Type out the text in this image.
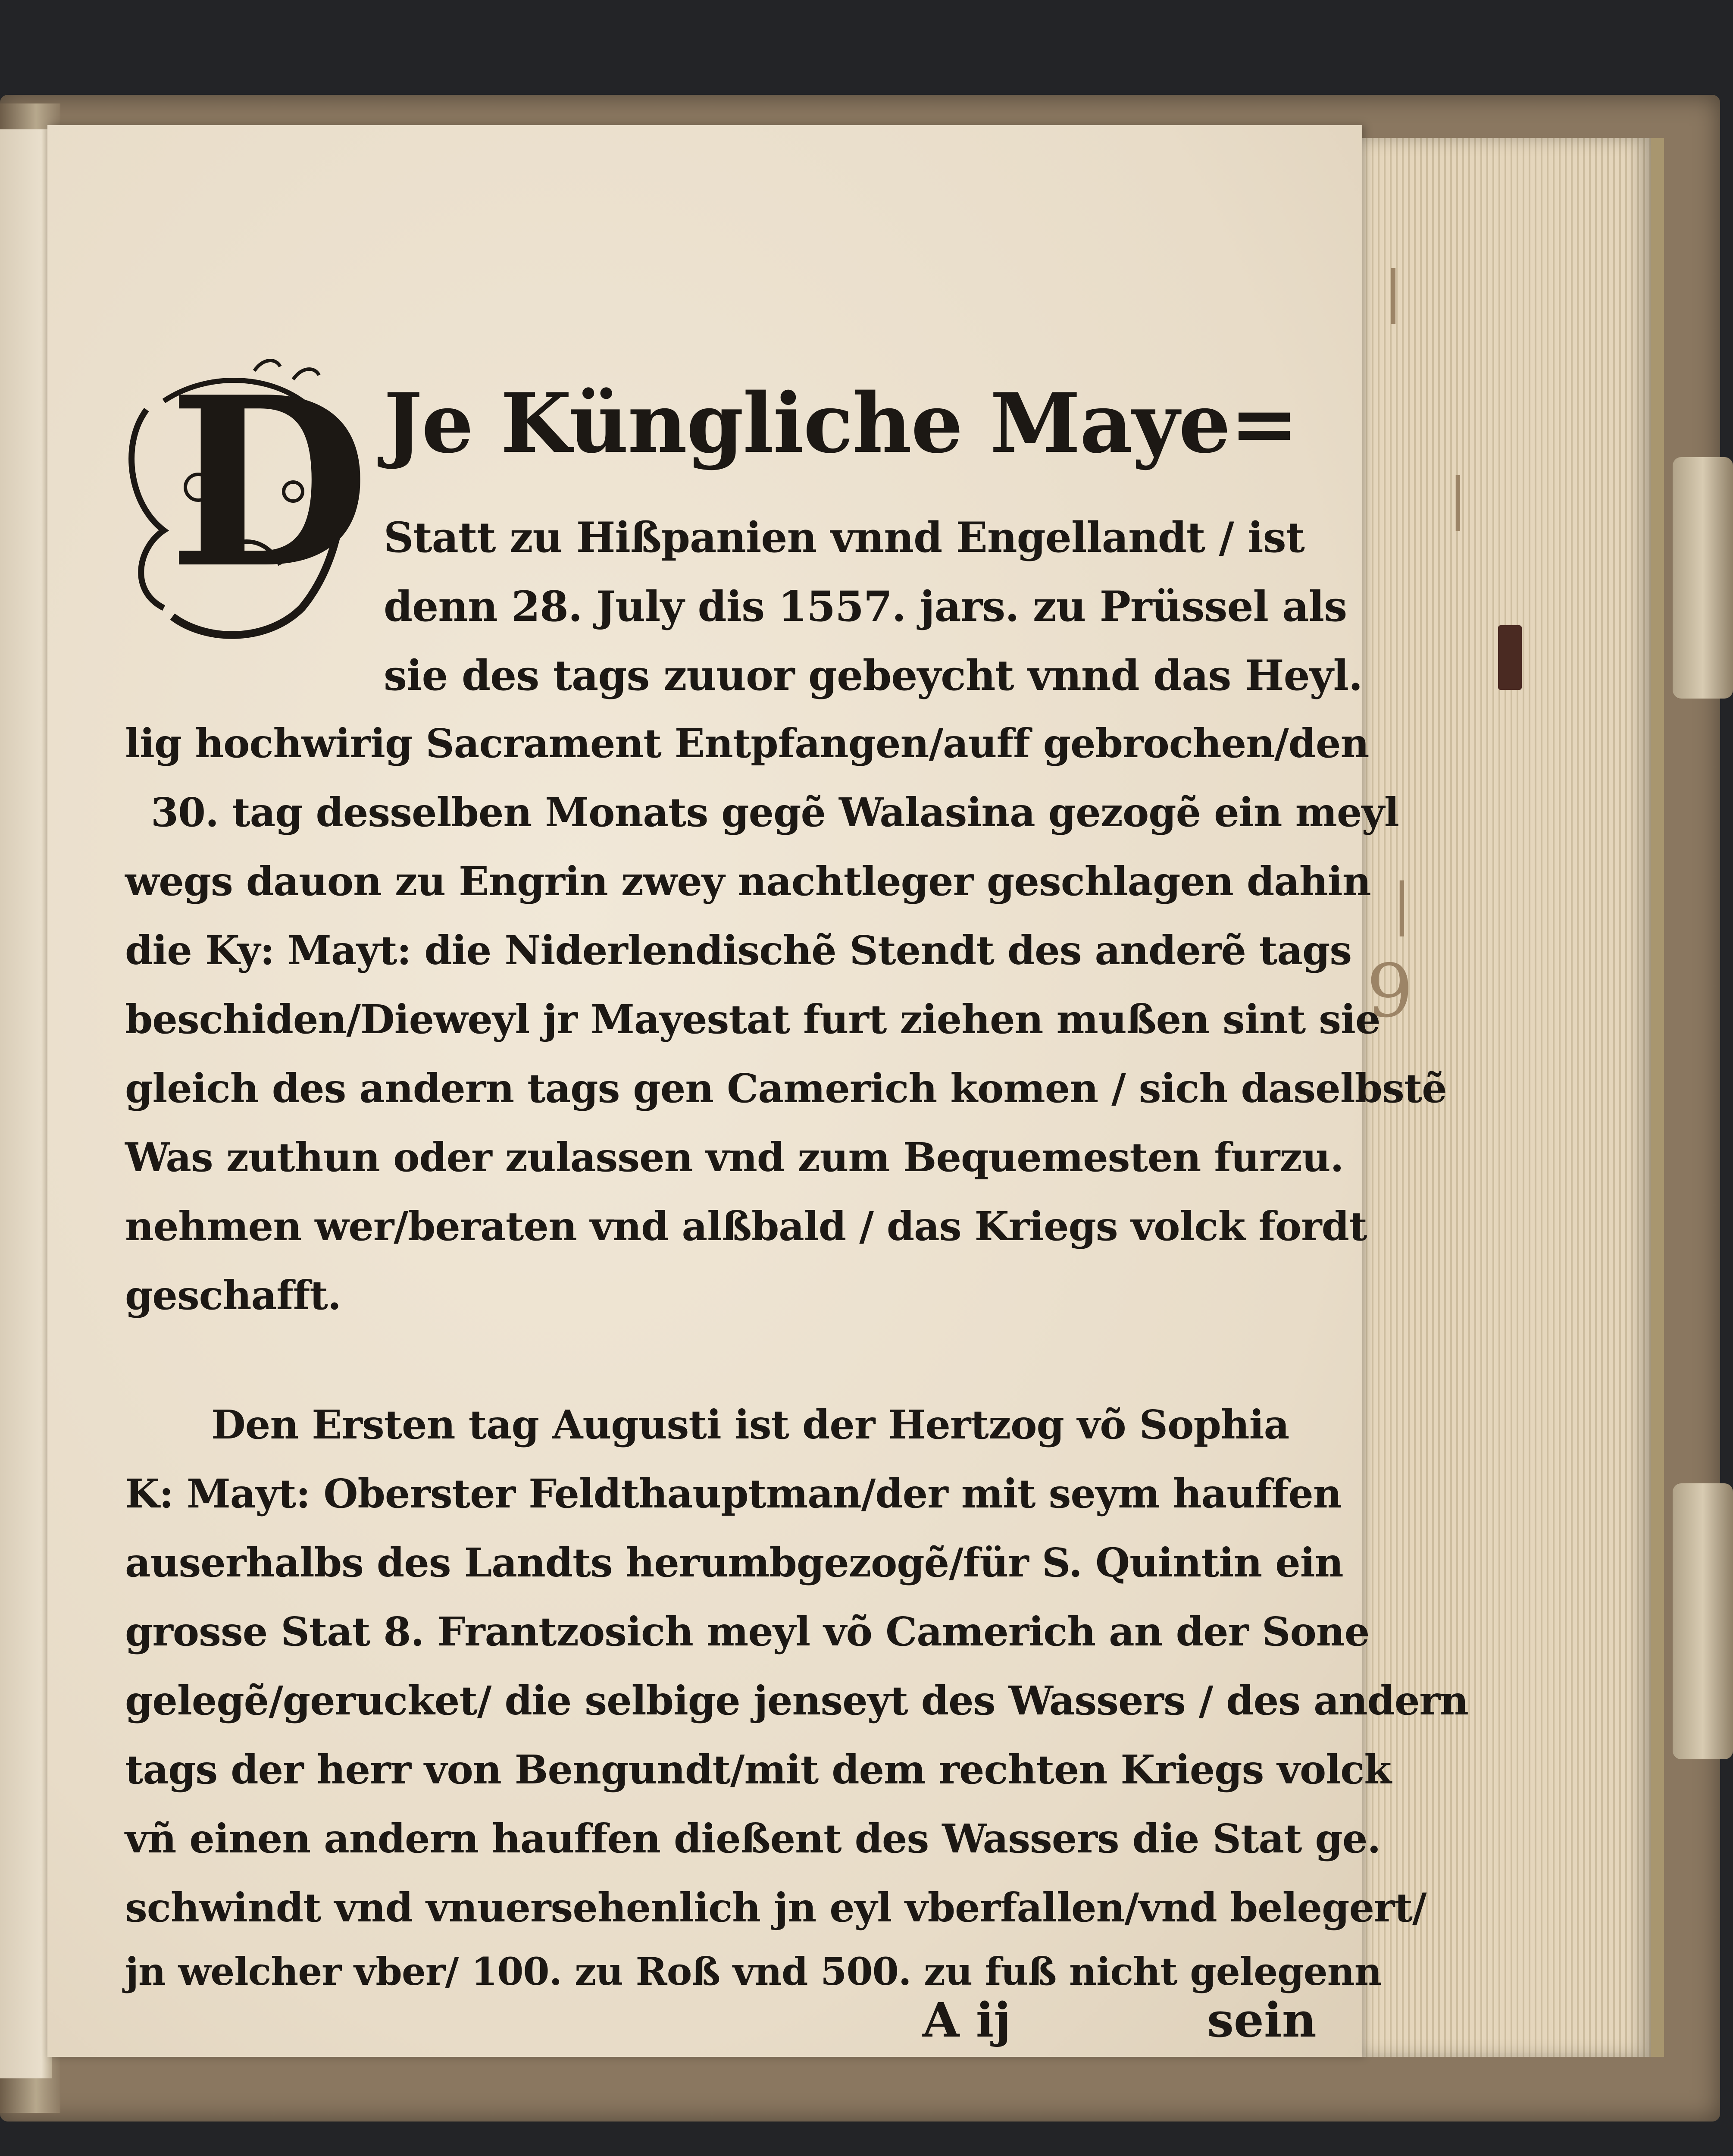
|
|
|
9
D Je Küngliche Maye=
Statt zu Hißpanien vnnd Engellandt / ist
denn 28. July dis 1557. jars. zu Prüssel als
sie des tags zuuor gebeycht vnnd das Heyl.
lig hochwirig Sacrament Entpfangen/auff gebrochen/den
30. tag desselben Monats gegẽ Walasina gezogẽ ein meyl
wegs dauon zu Engrin zwey nachtleger geschlagen dahin
die Ky: Mayt: die Niderlendischẽ Stendt des anderẽ tags
beschiden/Dieweyl jr Mayestat furt ziehen mußen sint sie
gleich des andern tags gen Camerich komen / sich daselbstẽ
Was zuthun oder zulassen vnd zum Bequemesten furzu.
nehmen wer/beraten vnd alßbald / das Kriegs volck fordt
geschafft.
Den Ersten tag Augusti ist der Hertzog võ Sophia
K: Mayt: Oberster Feldthauptman/der mit seym hauffen
auserhalbs des Landts herumbgezogẽ/für S. Quintin ein
grosse Stat 8. Frantzosich meyl võ Camerich an der Sone
gelegẽ/gerucket/ die selbige jenseyt des Wassers / des andern
tags der herr von Bengundt/mit dem rechten Kriegs volck
vñ einen andern hauffen dießent des Wassers die Stat ge.
schwindt vnd vnuersehenlich jn eyl vberfallen/vnd belegert/
jn welcher vber/ 100. zu Roß vnd 500. zu fuß nicht gelegenn
A ij	sein
